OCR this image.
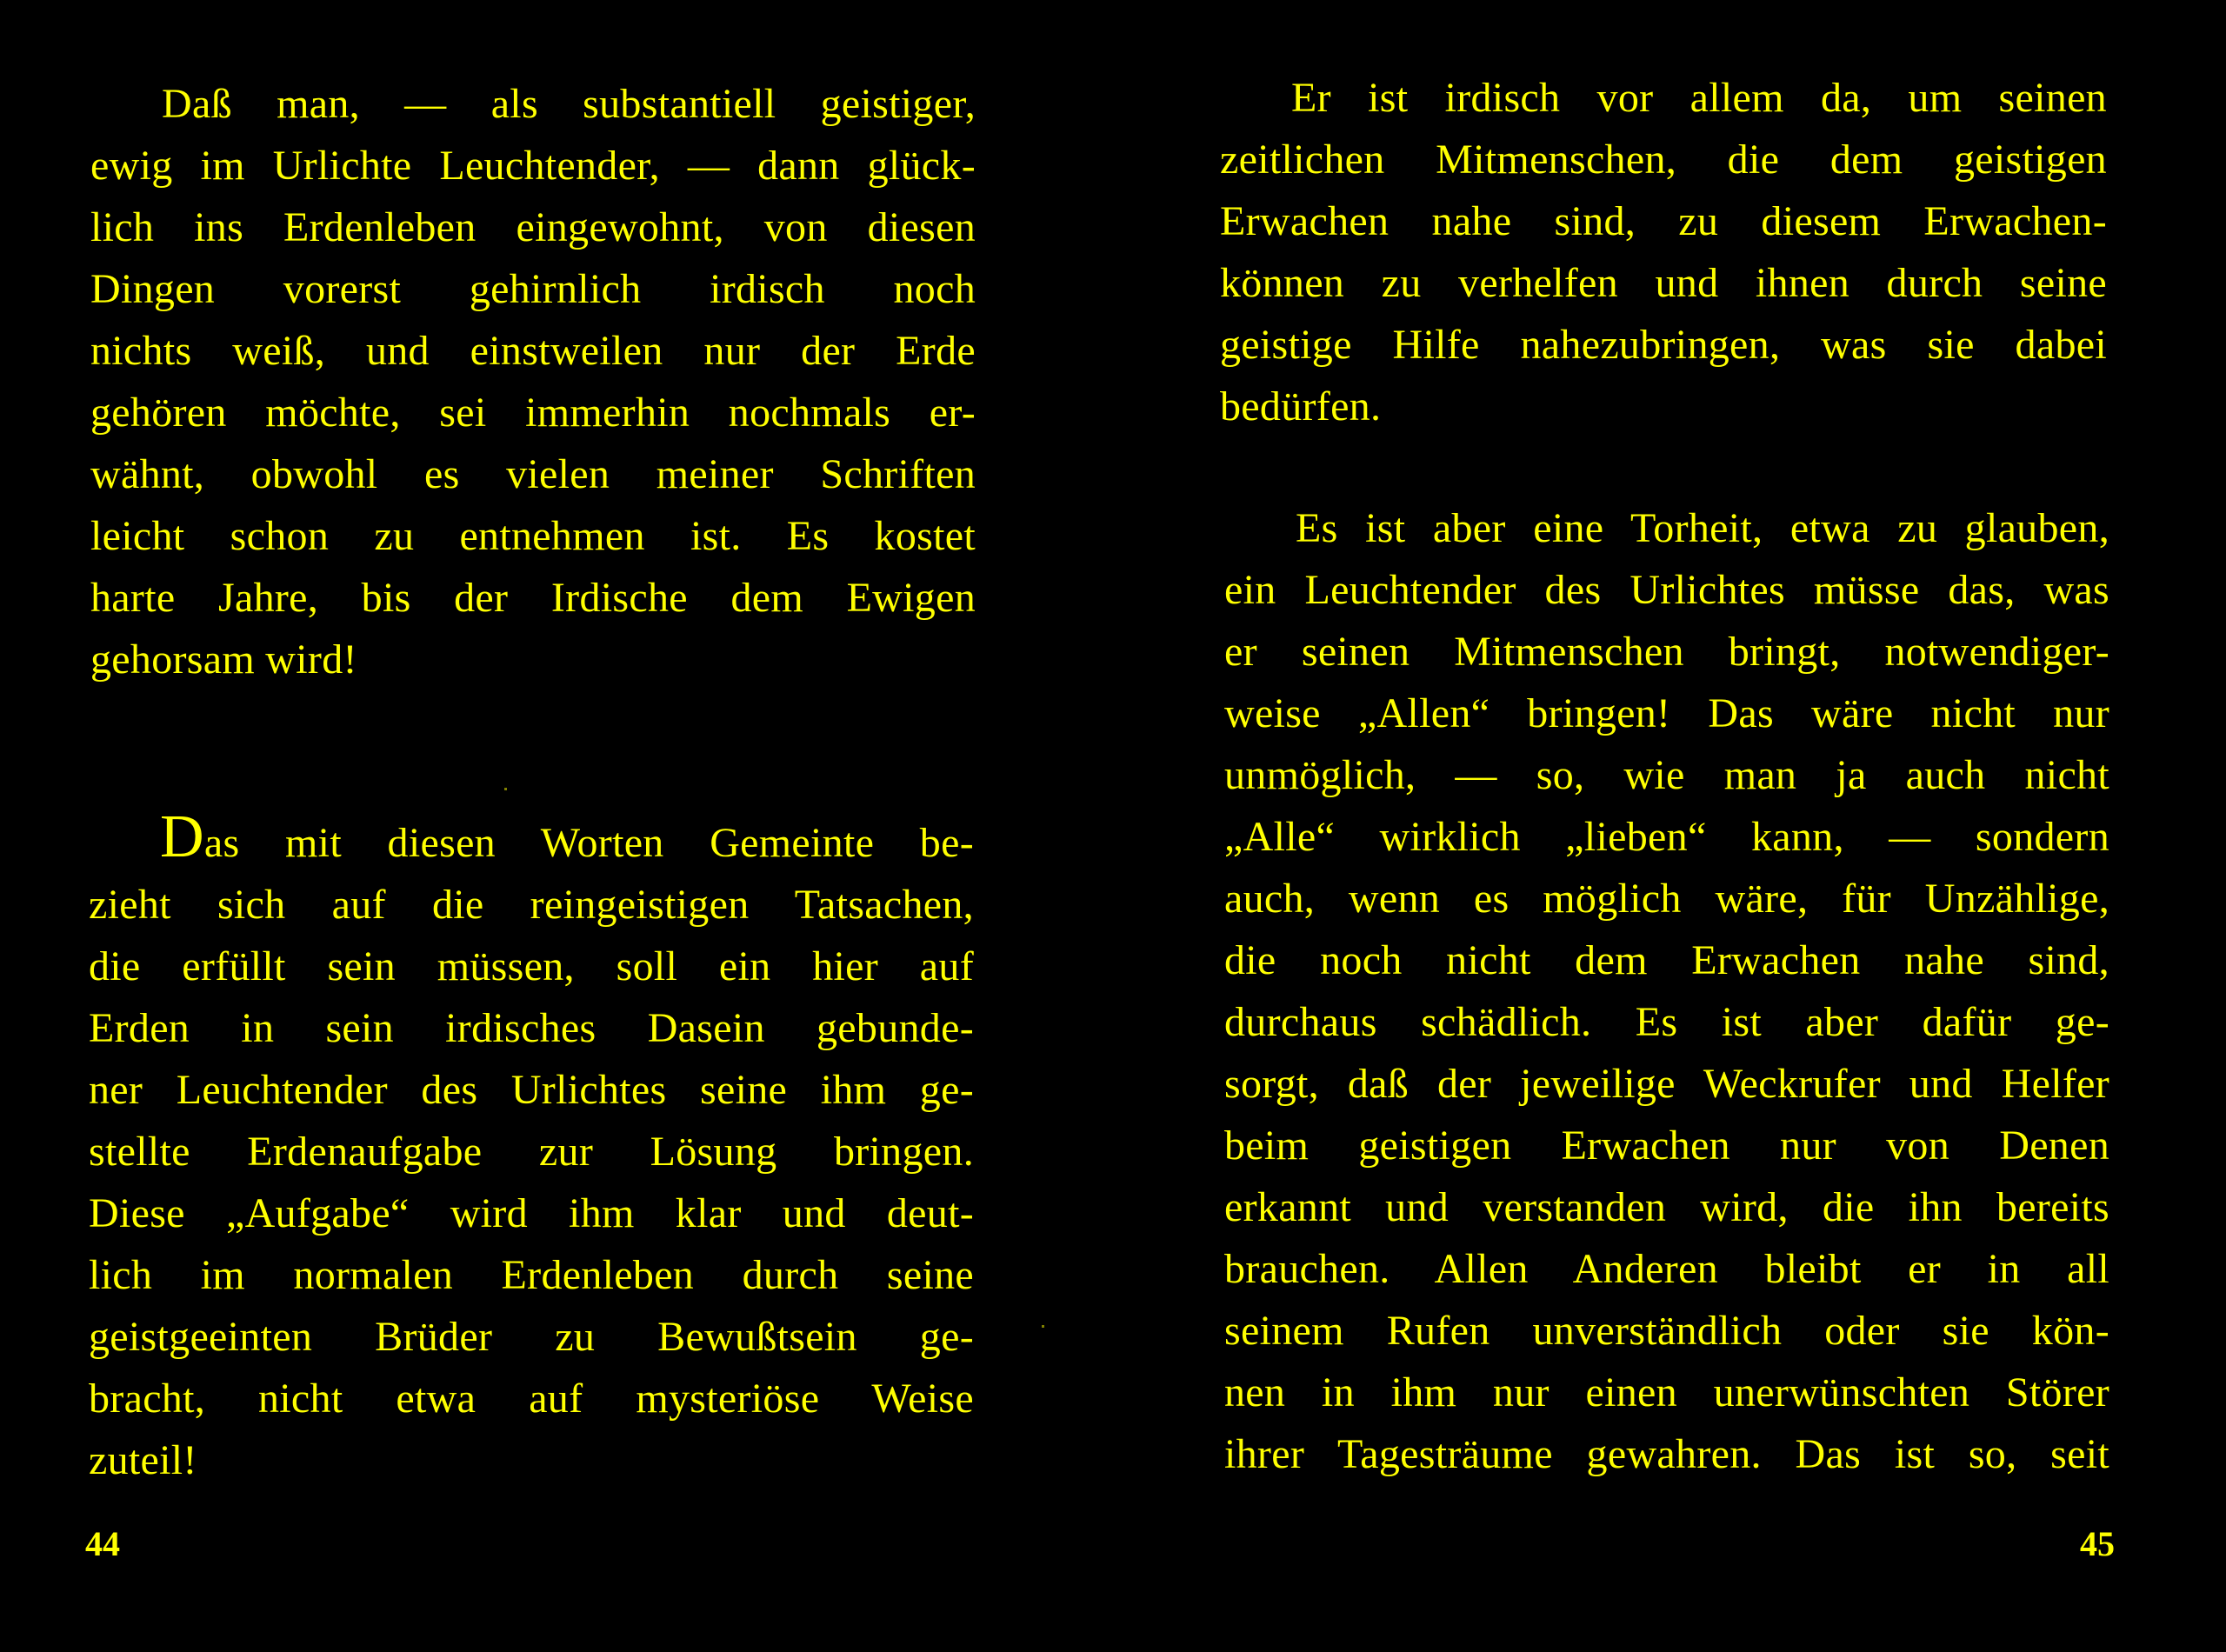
Daß man, — als substantiell geistiger,
ewig im Urlichte Leuchtender, — dann glück-
lich ins Erdenleben eingewohnt, von diesen
Dingen vorerst gehirnlich irdisch noch
nichts weiß, und einstweilen nur der Erde
gehören möchte, sei immerhin nochmals er-
wähnt, obwohl es vielen meiner Schriften
leicht schon zu entnehmen ist. Es kostet
harte Jahre, bis der Irdische dem Ewigen
gehorsam wird!

Das mit diesen Worten Gemeinte be-
zieht sich auf die reingeistigen Tatsachen,
die erfüllt sein müssen, soll ein hier auf
Erden in sein irdisches Dasein gebunde-
ner Leuchtender des Urlichtes seine ihm ge-
stellte Erdenaufgabe zur Lösung bringen.
Diese „Aufgabe“ wird ihm klar und deut-
lich im normalen Erdenleben durch seine
geistgeeinten Brüder zu Bewußtsein ge-
bracht, nicht etwa auf mysteriöse Weise
zuteil!

44

Er ist irdisch vor allem da, um seinen
zeitlichen Mitmenschen, die dem geistigen
Erwachen nahe sind, zu diesem Erwachen-
können zu verhelfen und ihnen durch seine
geistige Hilfe nahezubringen, was sie dabei
bedürfen.

Es ist aber eine Torheit, etwa zu glauben,
ein Leuchtender des Urlichtes müsse das, was
er seinen Mitmenschen bringt, notwendiger-
weise „Allen“ bringen! Das wäre nicht nur
unmöglich, — so, wie man ja auch nicht
„Alle“ wirklich „lieben“ kann, — sondern
auch, wenn es möglich wäre, für Unzählige,
die noch nicht dem Erwachen nahe sind,
durchaus schädlich. Es ist aber dafür ge-
sorgt, daß der jeweilige Weckrufer und Helfer
beim geistigen Erwachen nur von Denen
erkannt und verstanden wird, die ihn bereits
brauchen. Allen Anderen bleibt er in all
seinem Rufen unverständlich oder sie kön-
nen in ihm nur einen unerwünschten Störer
ihrer Tagesträume gewahren. Das ist so, seit

45
